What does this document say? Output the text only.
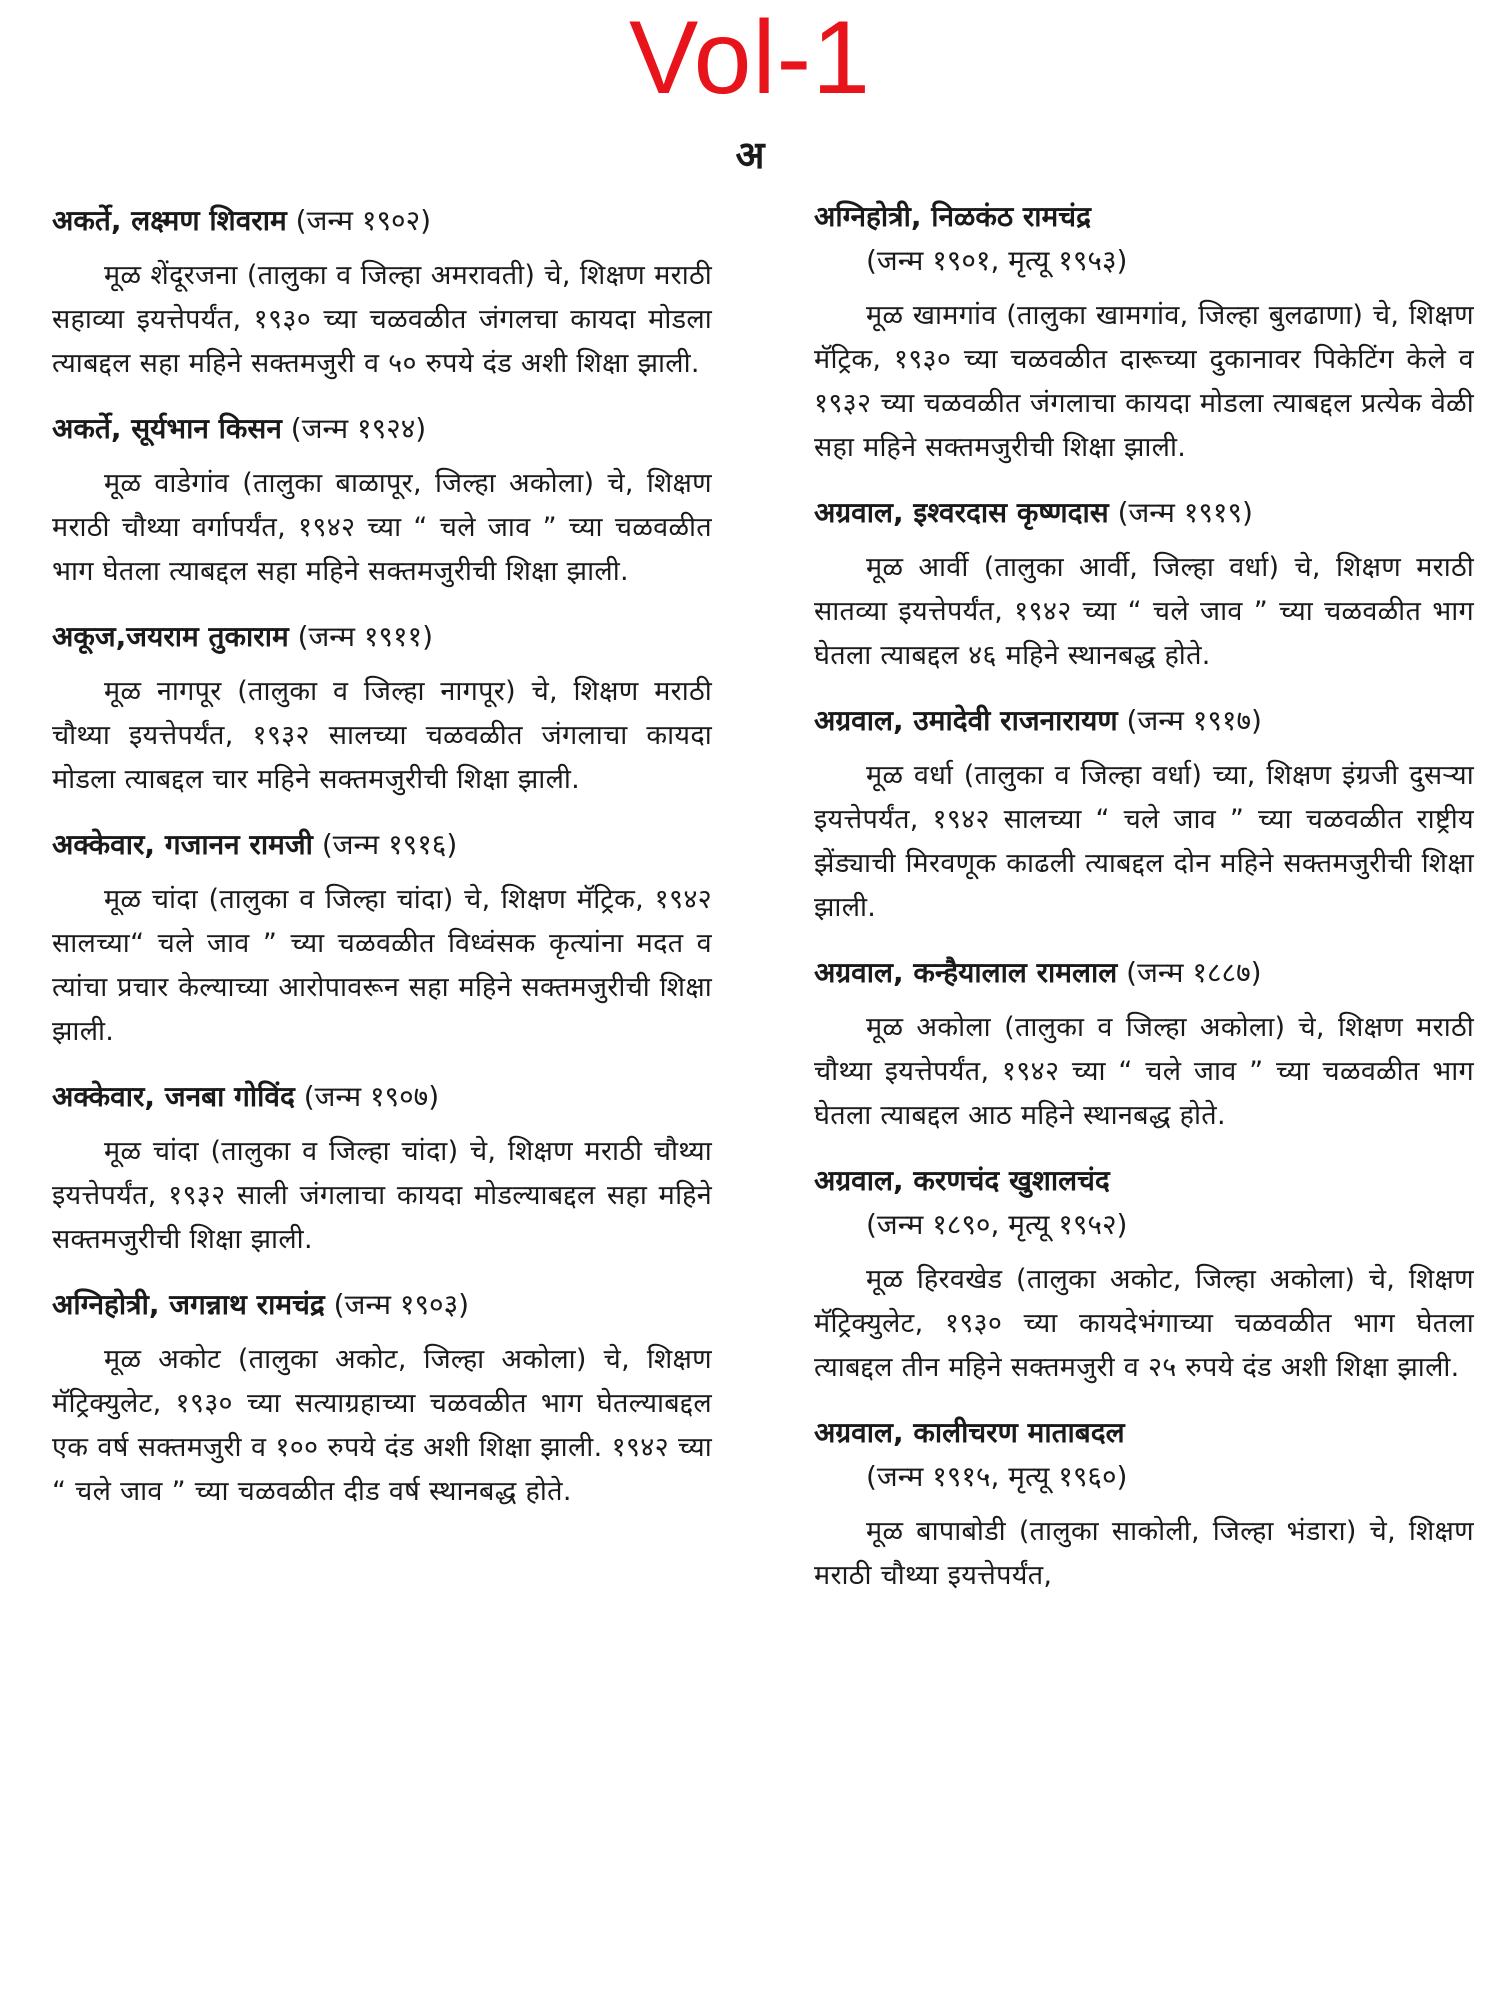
Vol-1
अ

अकर्ते, लक्ष्मण शिवराम (जन्म १९०२)

मूळ शेंदूरजना (तालुका व जिल्हा अमरावती) चे, शिक्षण मराठी सहाव्या इयत्तेपर्यंत, १९३० च्या चळवळीत जंगलचा कायदा मोडला त्याबद्दल सहा महिने सक्तमजुरी व ५० रुपये दंड अशी शिक्षा झाली.

अकर्ते, सूर्यभान किसन (जन्म १९२४)

मूळ वाडेगांव (तालुका बाळापूर, जिल्हा अकोला) चे, शिक्षण मराठी चौथ्या वर्गापर्यंत, १९४२ च्या “ चले जाव ” च्या चळवळीत भाग घेतला त्याबद्दल सहा महिने सक्तमजुरीची शिक्षा झाली.

अकूज,जयराम तुकाराम (जन्म १९११)

मूळ नागपूर (तालुका व जिल्हा नागपूर) चे, शिक्षण मराठी चौथ्या इयत्तेपर्यंत, १९३२ सालच्या चळवळीत जंगलाचा कायदा मोडला त्याबद्दल चार महिने सक्तमजुरीची शिक्षा झाली.

अक्केवार, गजानन रामजी (जन्म १९१६)

मूळ चांदा (तालुका व जिल्हा चांदा) चे, शिक्षण मॅट्रिक, १९४२ सालच्या“ चले जाव ” च्या चळवळीत विध्वंसक कृत्यांना मदत व त्यांचा प्रचार केल्याच्या आरोपावरून सहा महिने सक्तमजुरीची शिक्षा झाली.

अक्केवार, जनबा गोविंद (जन्म १९०७)

मूळ चांदा (तालुका व जिल्हा चांदा) चे, शिक्षण मराठी चौथ्या इयत्तेपर्यंत, १९३२ साली जंगलाचा कायदा मोडल्याबद्दल सहा महिने सक्तमजुरीची शिक्षा झाली.

अग्निहोत्री, जगन्नाथ रामचंद्र (जन्म १९०३)

मूळ अकोट (तालुका अकोट, जिल्हा अकोला) चे, शिक्षण मॅट्रिक्युलेट, १९३० च्या सत्याग्रहाच्या चळवळीत भाग घेतल्याबद्दल एक वर्ष सक्तमजुरी व १०० रुपये दंड अशी शिक्षा झाली. १९४२ च्या “ चले जाव ” च्या चळवळीत दीड वर्ष स्थानबद्ध होते.

अग्निहोत्री, निळकंठ रामचंद्र

(जन्म १९०१, मृत्यू १९५३)

मूळ खामगांव (तालुका खामगांव, जिल्हा बुलढाणा) चे, शिक्षण मॅट्रिक, १९३० च्या चळवळीत दारूच्या दुकानावर पिकेटिंग केले व १९३२ च्या चळवळीत जंगलाचा कायदा मोडला त्याबद्दल प्रत्येक वेळी सहा महिने सक्तमजुरीची शिक्षा झाली.

अग्रवाल, इश्वरदास कृष्णदास (जन्म १९१९)

मूळ आर्वी (तालुका आर्वी, जिल्हा वर्धा) चे, शिक्षण मराठी सातव्या इयत्तेपर्यंत, १९४२ च्या “ चले जाव ” च्या चळवळीत भाग घेतला त्याबद्दल ४६ महिने स्थानबद्ध होते.

अग्रवाल, उमादेवी राजनारायण (जन्म १९१७)

मूळ वर्धा (तालुका व जिल्हा वर्धा) च्या, शिक्षण इंग्रजी दुसऱ्या इयत्तेपर्यंत, १९४२ सालच्या “ चले जाव ” च्या चळवळीत राष्ट्रीय झेंड्याची मिरवणूक काढली त्याबद्दल दोन महिने सक्तमजुरीची शिक्षा झाली.

अग्रवाल, कन्हैयालाल रामलाल (जन्म १८८७)

मूळ अकोला (तालुका व जिल्हा अकोला) चे, शिक्षण मराठी चौथ्या इयत्तेपर्यंत, १९४२ च्या “ चले जाव ” च्या चळवळीत भाग घेतला त्याबद्दल आठ महिने स्थानबद्ध होते.

अग्रवाल, करणचंद खुशालचंद

(जन्म १८९०, मृत्यू १९५२)

मूळ हिरवखेड (तालुका अकोट, जिल्हा अकोला) चे, शिक्षण मॅट्रिक्युलेट, १९३० च्या कायदेभंगाच्या चळवळीत भाग घेतला त्याबद्दल तीन महिने सक्तमजुरी व २५ रुपये दंड अशी शिक्षा झाली.

अग्रवाल, कालीचरण माताबदल

(जन्म १९१५, मृत्यू १९६०)

मूळ बापाबोडी (तालुका साकोली, जिल्हा भंडारा) चे, शिक्षण मराठी चौथ्या इयत्तेपर्यंत,
